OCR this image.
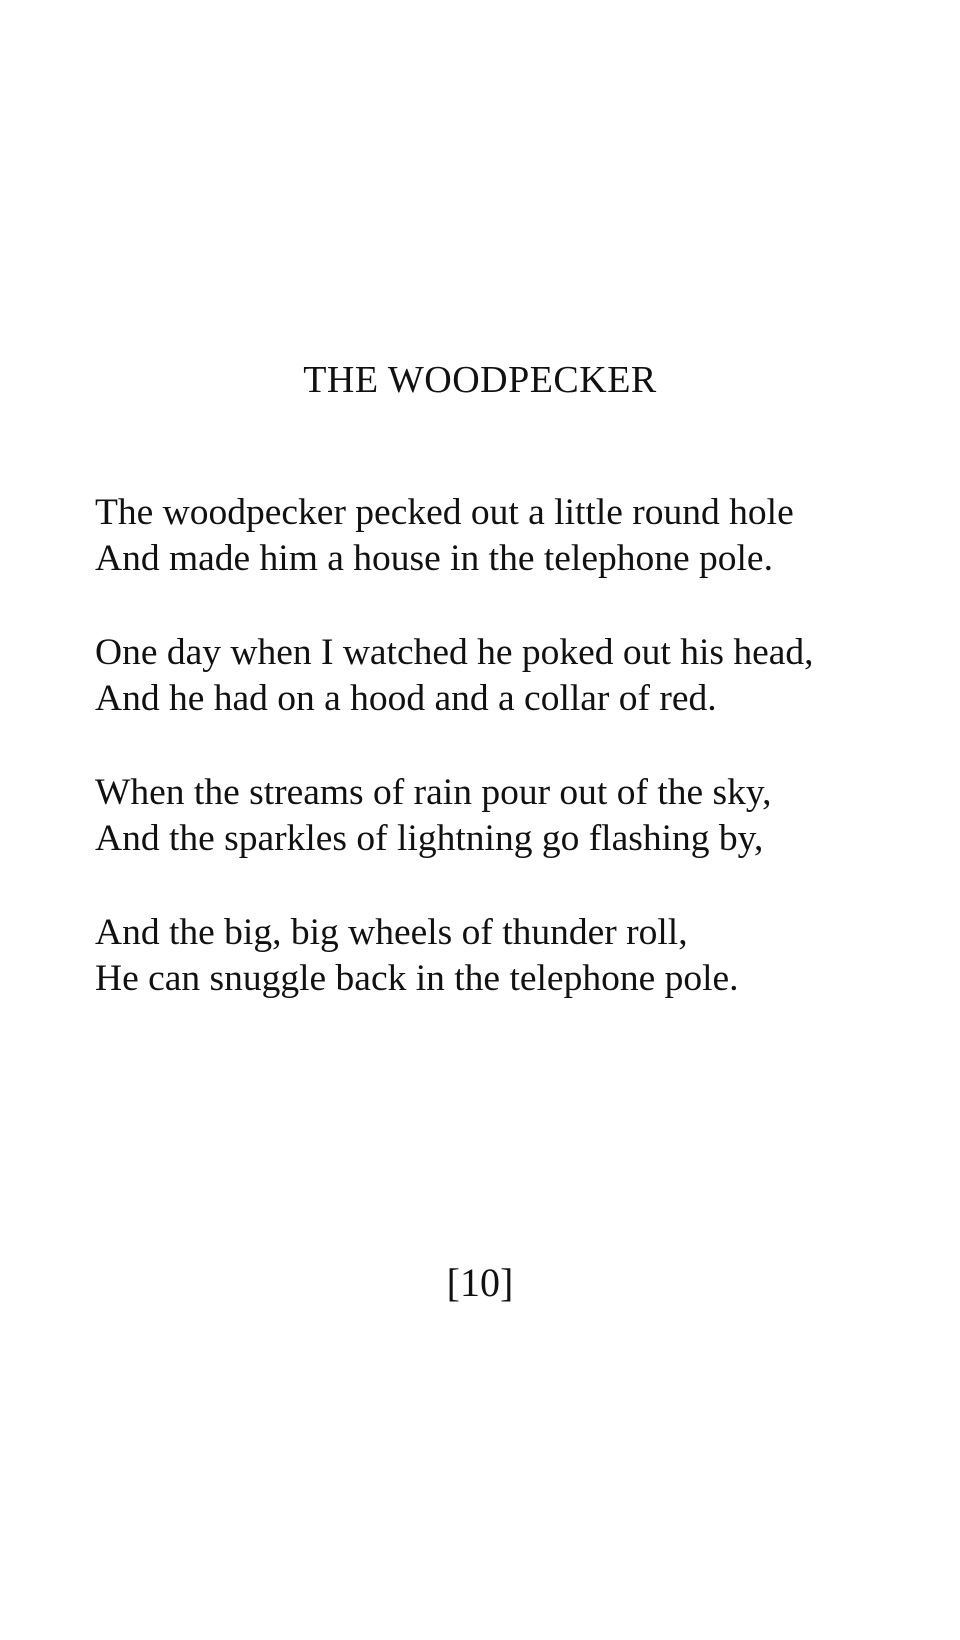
THE WOODPECKER
The woodpecker pecked out a little round hole
And made him a house in the telephone pole.
One day when I watched he poked out his head,
And he had on a hood and a collar of red.
When the streams of rain pour out of the sky,
And the sparkles of lightning go flashing by,
And the big, big wheels of thunder roll,
He can snuggle back in the telephone pole.
[10]
